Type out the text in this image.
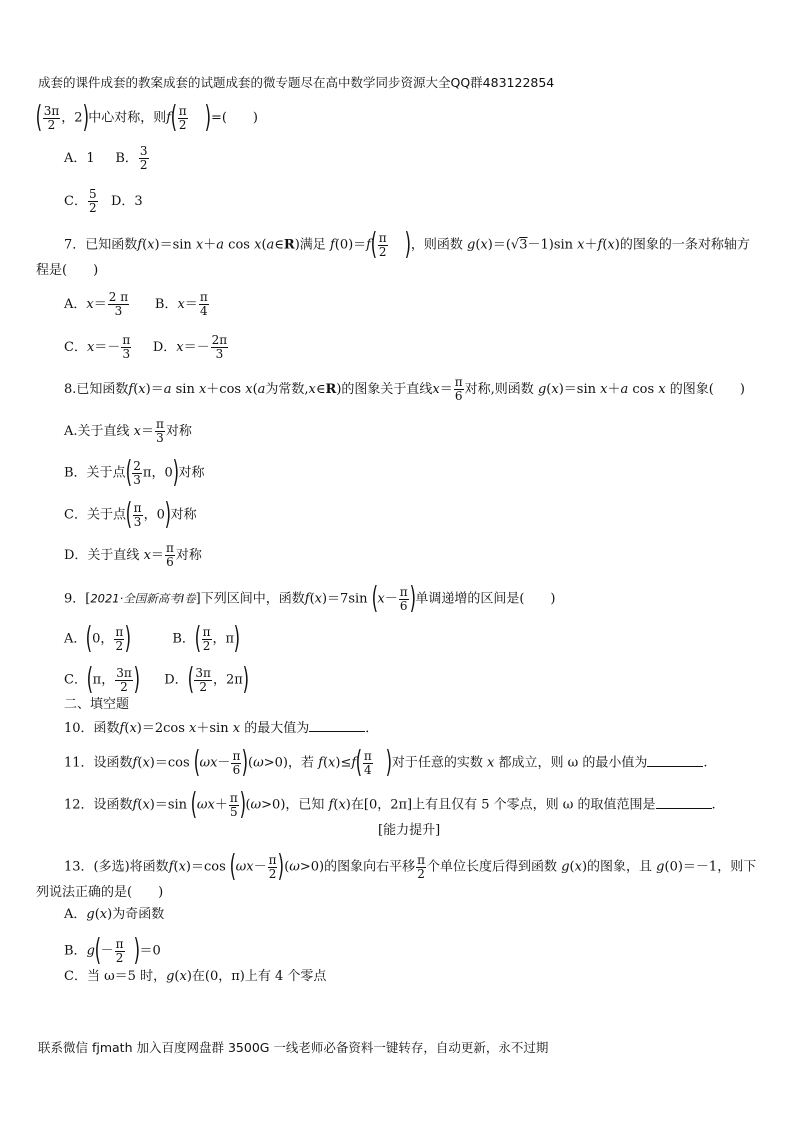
成套的课件成套的教案成套的试题成套的微专题尽在高中数学同步资源大全QQ群483122854
( $\frac{3\pi}{2}$ ，2)中心对称，则$f( \frac{\pi}{2}$ )=(　　)
A．1 B． $\frac{3}{2}$
C． $\frac{5}{2}$ D．3
7．已知函数f(x)＝sin x＋a cos x(a∈R)满足 $f(0)=f( \frac{\pi}{2}$ )，则函数 g(x)＝(√3－1)sin x＋f(x)的图象的一条对称轴方
程是(　　)
A．$x= \frac{2 \pi}{3}$ B．$x= \frac{\pi}{4}$
C．$x=- \frac{\pi}{3}$ D．$x=- \frac{2\pi}{3}$
8.已知函数f(x)＝a sin x＋cos x(a为常数,x∈R)的图象关于直线$x= \frac{\pi}{6}$ 对称,则函数 g(x)＝sin x＋a cos x 的图象(　　)
A.关于直线 $x= \frac{\pi}{3}$ 对称
B．关于点( $\frac{2}{3}$ π，0)对称
C．关于点( $\frac{\pi}{3}$ ，0)对称
D．关于直线 $x= \frac{\pi}{6}$ 对称
9．[2021·全国新高考Ⅰ卷]下列区间中，函数f(x)＝7sin ($x- \frac{\pi}{6}$ )单调递增的区间是(　　)
A．(0， $\frac{\pi}{2}$ )          B．( $\frac{\pi}{2}$ ，π)
C．(π， $\frac{3\pi}{2}$ )      D．( $\frac{3\pi}{2}$ ，2π)
二、填空题
10．函数f(x)＝2cos x＋sin x 的最大值为	．
11．设函数f(x)＝cos $(\omega x- \frac{\pi}{6} )(\omega>0)$，若 $f(x)\le f( \frac{\pi}{4}$ )对于任意的实数 x 都成立，则 ω 的最小值为	.
12．设函数f(x)＝sin $(\omega x+ \frac{\pi}{5} )(\omega>0)$，已知 f(x)在[0，2π]上有且仅有 5 个零点，则 ω 的取值范围是	.
[能力提升]
13．(多选)将函数f(x)＝cos $(\omega x- \frac{\pi}{2} )(\omega>0)$的图象向右平移 $\frac{\pi}{2}$ 个单位长度后得到函数 g(x)的图象，且 g(0)＝－1，则下
列说法正确的是(　　)
A．g(x)为奇函数
B．$g(- \frac{\pi}{2} )=0$
C．当 ω＝5 时，g(x)在(0，π)上有 4 个零点
联系微信 fjmath 加入百度网盘群 3500G 一线老师必备资料一键转存，自动更新，永不过期
